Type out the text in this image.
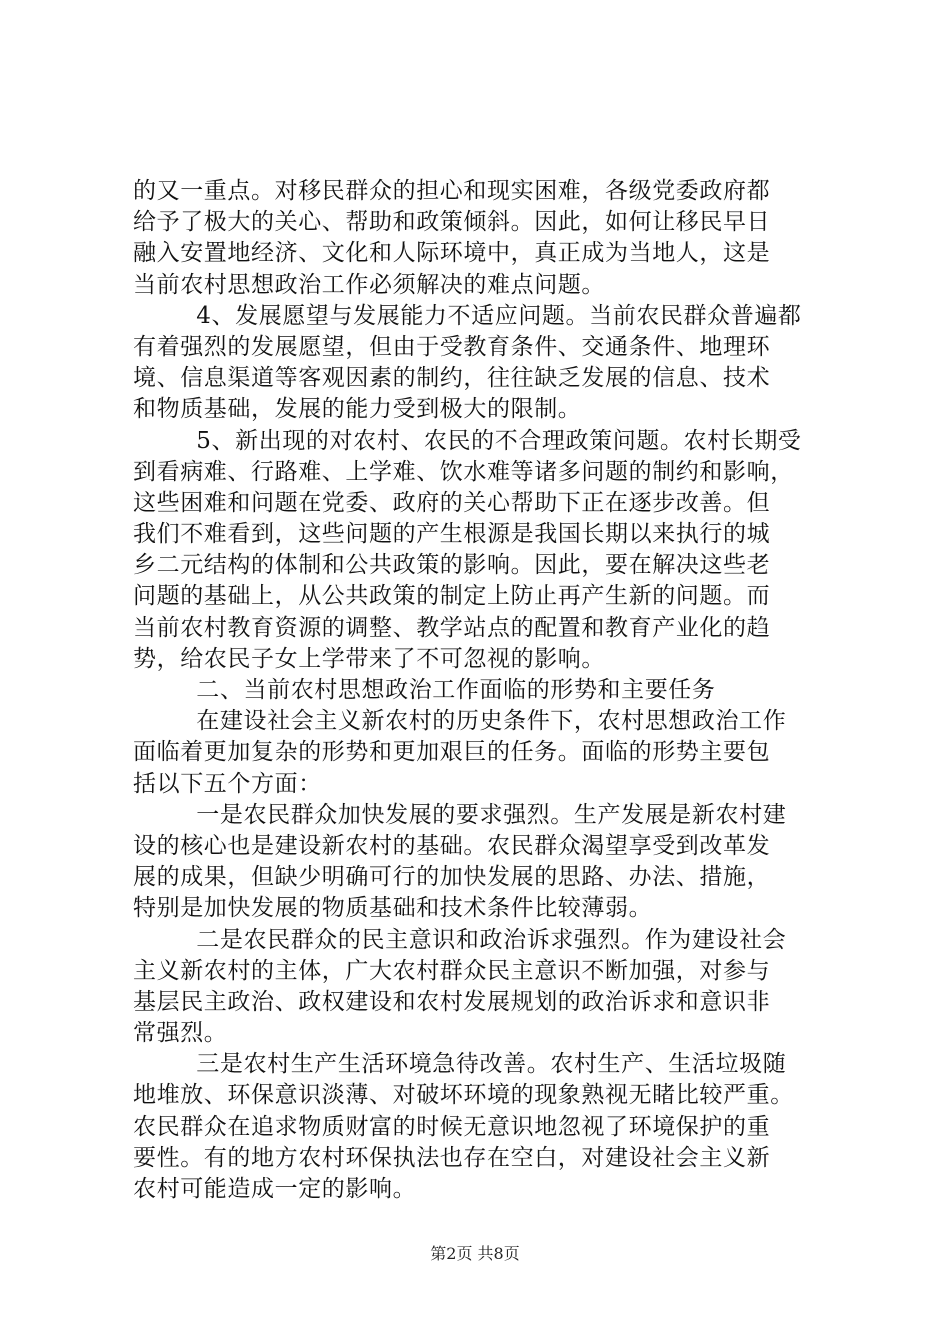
的又一重点。对移民群众的担心和现实困难，各级党委政府都
给予了极大的关心、帮助和政策倾斜。因此，如何让移民早日
融入安置地经济、文化和人际环境中，真正成为当地人，这是
当前农村思想政治工作必须解决的难点问题。
4、发展愿望与发展能力不适应问题。当前农民群众普遍都
有着强烈的发展愿望，但由于受教育条件、交通条件、地理环
境、信息渠道等客观因素的制约，往往缺乏发展的信息、技术
和物质基础，发展的能力受到极大的限制。
5、新出现的对农村、农民的不合理政策问题。农村长期受
到看病难、行路难、上学难、饮水难等诸多问题的制约和影响，
这些困难和问题在党委、政府的关心帮助下正在逐步改善。但
我们不难看到，这些问题的产生根源是我国长期以来执行的城
乡二元结构的体制和公共政策的影响。因此，要在解决这些老
问题的基础上，从公共政策的制定上防止再产生新的问题。而
当前农村教育资源的调整、教学站点的配置和教育产业化的趋
势，给农民子女上学带来了不可忽视的影响。
二、当前农村思想政治工作面临的形势和主要任务
在建设社会主义新农村的历史条件下，农村思想政治工作
面临着更加复杂的形势和更加艰巨的任务。面临的形势主要包
括以下五个方面：
一是农民群众加快发展的要求强烈。生产发展是新农村建
设的核心也是建设新农村的基础。农民群众渴望享受到改革发
展的成果，但缺少明确可行的加快发展的思路、办法、措施，
特别是加快发展的物质基础和技术条件比较薄弱。
二是农民群众的民主意识和政治诉求强烈。作为建设社会
主义新农村的主体，广大农村群众民主意识不断加强，对参与
基层民主政治、政权建设和农村发展规划的政治诉求和意识非
常强烈。
三是农村生产生活环境急待改善。农村生产、生活垃圾随
地堆放、环保意识淡薄、对破坏环境的现象熟视无睹比较严重。
农民群众在追求物质财富的时候无意识地忽视了环境保护的重
要性。有的地方农村环保执法也存在空白，对建设社会主义新
农村可能造成一定的影响。
第2页 共8页
